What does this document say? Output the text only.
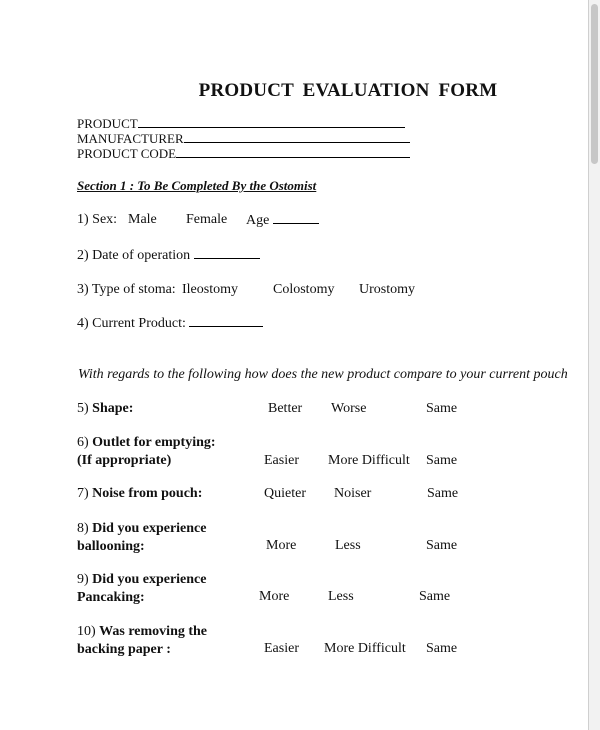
PRODUCT EVALUATION FORM
PRODUCT
MANUFACTURER
PRODUCT CODE
Section 1 : To Be Completed By the Ostomist
1) Sex: Male Female Age
2) Date of operation
3) Type of stoma: Ileostomy	Colostomy Urostomy
4) Current Product:
With regards to the following how does the new product compare to your current pouch
5) Shape:	Better Worse	Same
6) Outlet for emptying:
(If appropriate)	Easier More Difficult Same
7) Noise from pouch:	Quieter Noiser	Same
8) Did you experience
ballooning:	More	Less	Same
9) Did you experience
Pancaking:	More	Less	Same
10) Was removing the
backing paper :	Easier More Difficult Same
